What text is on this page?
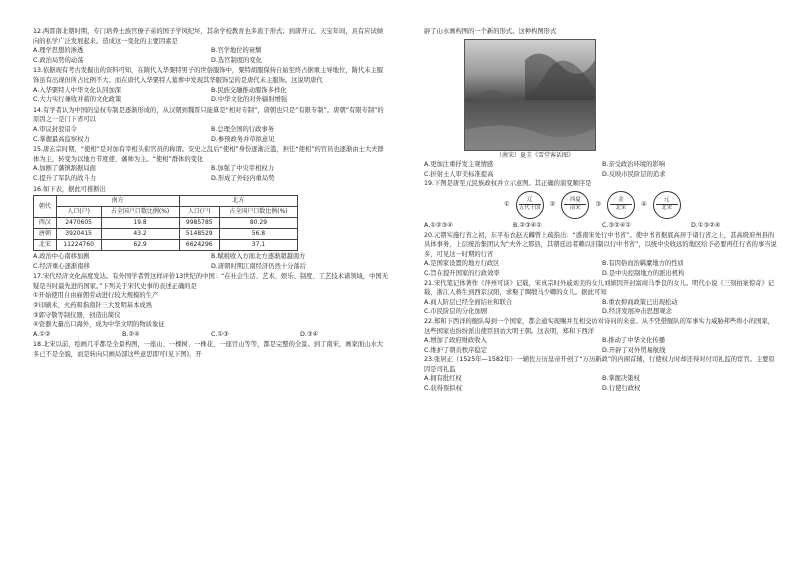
12.两晋南北朝时期，专门培养士族官僚子弟的国子学风纪坏，其余学校教育也多流于形式；到唐开元、天宝年间，具有应试倾向的私学广泛发展起来。造成这一变化的主要因素是

A.理学思想的渗透	B.官学地位的衰颓
C.政治局势的动荡	D.选官制度的变化

13.依据现有考古发掘出的资料可知，在隋代入华粟特男子的世俗服饰中，粟特胡服保持自始至终占据重主导地位，隋代未主服饰虽有出现但所占比例不大。而在唐代入华粟特人墓葬中发现其华服饰呈的是唐代未主服饰。这说明唐代

A.入华粟特人中华文化认同加深	B.民族交融推动服饰多样化
C.大力实行兼收并蓄的文化政策	D.中华文化的对外辐射增强

14.有学者认为中国的皇权专制是逐渐形成的，从汉朝到魏晋只能算是“相对专制”，唐朝也只是“有限专制”。唐朝“有限专制”的原因之一是门下省可以

A.审议封驳诏令	B.总理全国的行政事务
C.掌握最高监察权力	D.参预政务并草拟意见

15.唐玄宗时期，“使相”是对加有宰相头衔官员的称谓。安史之乱后“使相”身份逐渐泛滥，担任“使相”的官员也逐渐由士大夫群体为主，转变为以地方节度使、藩帅为主。“使相”群体的变化

A.加剧了藩镇割据局面	B.加强了中央宰相权力
C.提升了军队的战斗力	D.形成了外轻内重局势

16.如下表，据此可推断出

朝代	南方		北方	
	人口(户)	占全国户口数比例(%)	人口(户)	占全国户口数比例(%)
西汉	2470605	19.8	9985785	80.29
唐朝	3920415	43.2	5148529	56.8
北宋	11224760	62.9	6624296	37.1
A.政治中心南移加剧	B.赋税收入方面北方逐渐超越南方
C.经济重心逐渐南移	D.唐朝时期江南经济仍然十分落后

17.宋代经济文化高度发达。有外国学者曾这样评价13世纪的中国：“在社会生活、艺术、娱乐、制度、工艺技术诸领域，中国无疑是当时最先进的国家。”下列关于宋代史事的表述正确的是

①开始使用自由雇佣劳动进行较大规模的生产
②印刷术、火药和指南针三大发明基本成熟
③郭守敬等制仪器，创造出简仪
④瓷器大量出口海外，成为中华文明的物质象征
A.①②	B.②④	C.①③	D.③④

18.北宋以前，绘画几乎都是全景构图，一座山、一棵树、一株花、一座宫山等等，都是完整的全景。到了南宋，画家面山水大多已不是全貌，而是转向只画局部这些意思即可(见下图)，开

辟了山水画构图的一个新的形式。这种构图形式

（南宋）夏圭《雪堂客话图》
A.更加注重抒发主观情感	B.亲受政治环境的影响
C.折射士人审美标准提高	D.反映市民阶层的追求

19.下图是唐至元民族政权并立示意图。其正确的演变顺序是

①
辽
五代十国
②
西夏
南宋
③
金
北宋
④
元
北宋
A.①②③④	B.②③④①	C.③②④①	D.①③②④

20.元朝实施行省之初，东平布衣赵天麟曾上疏指出：“惑南宋处行中书省”。使中书省据底高居于诸行省之上，甚高级府州县的具体事务，上层统治集团认为“夫外之那县，其朝廷远者赖以旧制以行中书省”，以统中央收远的地区给予必要再任行省的事当说多，可见这一时期的行省

A.是国家设置的地方行政区	B.有因俗而治羁縻地方的性质
C.旨在提升国家的行政效率	D.是中央控制地方的派出机构

21.宋代笔记体著作《萍州可谈》记载，宋真宗时外戚刘美的女儿刘嫔因开封富商马季良的女儿。明代小说《三刻拍案惊奇》记载，浙江人蒋生到西京汉阳，求娶了绸缎马少卿的女儿。据此可知

A.商人阶层已经全面结社和联合	B.重农抑商政策已出现松动
C.市民阶层的分化加剧	D.经济发展冲击思想观念

22.郑和下西洋的舰队每到一个国家，都会通实现赐并互相交访对诗问的来意。从不凭借舰队的军事实力威胁邦些将小的国家，这些国家也纷纷派出使臣回访大明王朝。这表明，郑和下西洋

A.增加了政府财政收入	B.推动了中华文化传播
C.维护了朝贡秩序稳定	D.开辟了对外贸易航线

23.张居正（1525年—1582年）一辅佐万历皇帝开创了“万历新政”的内阁首辅，行使权力时却还得对付司礼监的宦官。主要原因是司礼监

A.拥有批红权	B.掌握决策权
C.获得票拟权	D.行使行政权
